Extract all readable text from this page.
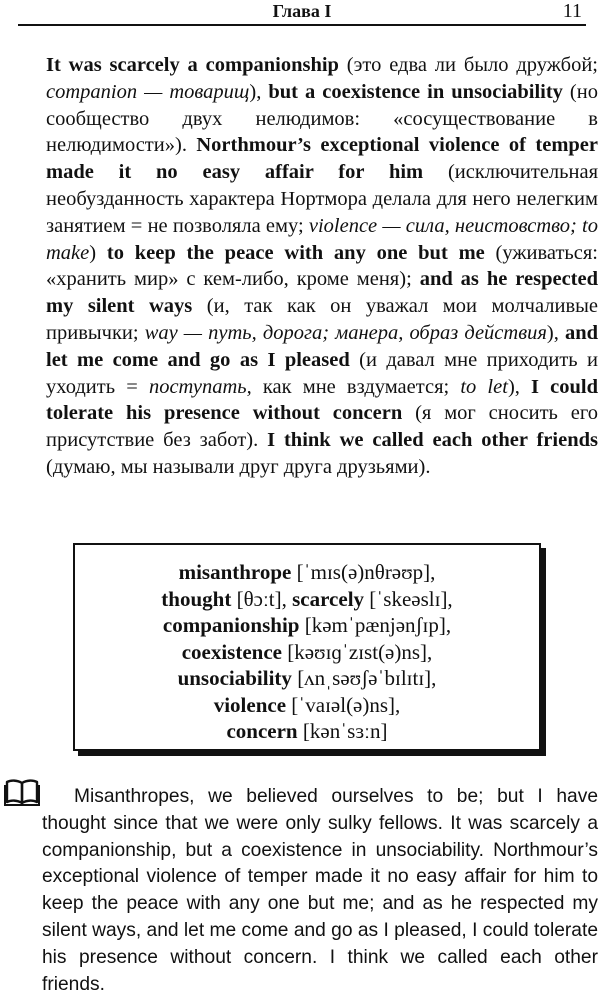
Глава I	11

It was scarcely a companionship (это едва ли было дружбой; companion — товарищ), but a coexistence in unsociability (но сообщество двух нелюдимов: «сосуществование в нелюдимости»). Northmour’s exceptional violence of temper made it no easy affair for him (исключительная необузданность характера Нортмора делала для него нелегким занятием = не позволяла ему; violence — сила, неистовство; to make) to keep the peace with any one but me (уживаться: «хранить мир» с кем-либо, кроме меня); and as he respected my silent ways (и, так как он уважал мои молчаливые привычки; way — путь, дорога; манера, образ действия), and let me come and go as I pleased (и давал мне приходить и уходить = поступать, как мне вздумается; to let), I could tolerate his presence without concern (я мог сносить его присутствие без забот). I think we called each other friends (думаю, мы называли друг друга друзьями).

misanthrope [ˈmɪs(ə)nθrəʊp],
thought [θɔːt], scarcely [ˈskeəslɪ],
companionship [kəmˈpænjənʃɪp],
coexistence [kəʊɪɡˈzɪst(ə)ns],
unsociability [ʌnˌsəʊʃəˈbɪlɪtɪ],
violence [ˈvaɪəl(ə)ns],
concern [kənˈsɜːn]

Misanthropes, we believed ourselves to be; but I have thought since that we were only sulky fellows. It was scarcely a companionship, but a coexistence in unsociability. Northmour’s exceptional violence of temper made it no easy affair for him to keep the peace with any one but me; and as he respected my silent ways, and let me come and go as I pleased, I could tolerate his presence without concern. I think we called each other friends.
